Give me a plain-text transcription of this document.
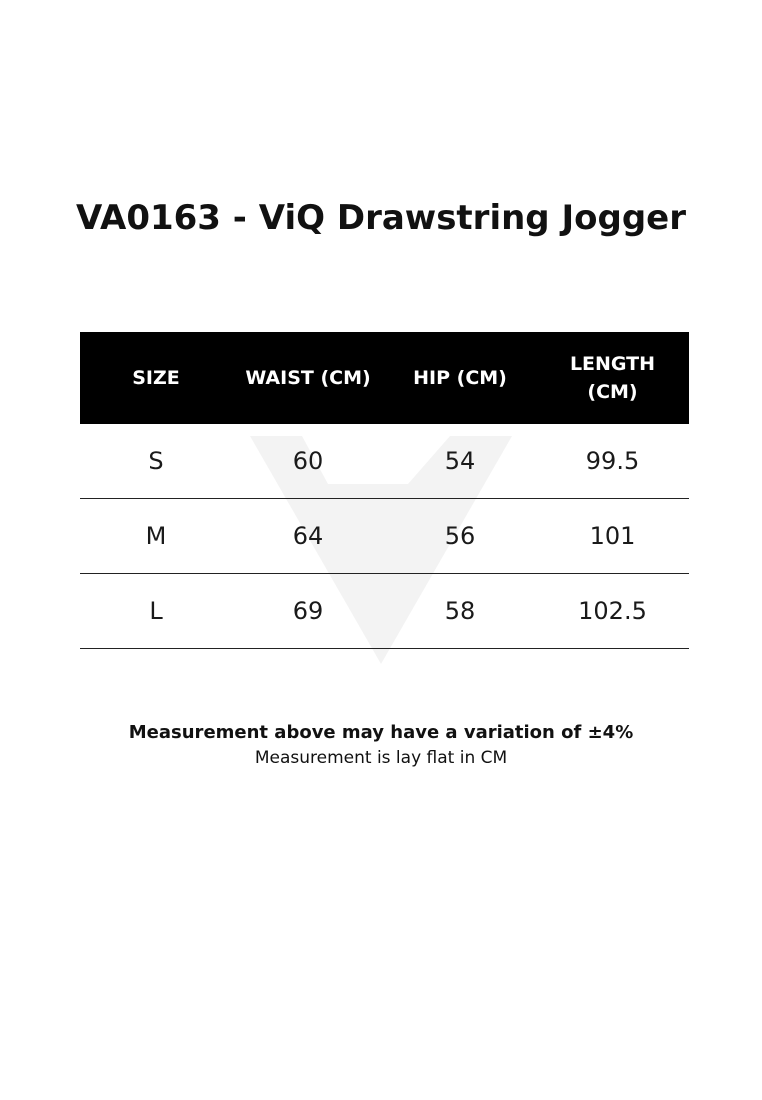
VA0163 - ViQ Drawstring Jogger
SIZE	WAIST (CM)	HIP (CM)	LENGTH
(CM)
S	60	54	99.5
M	64	56	101
L	69	58	102.5

Measurement above may have a variation of ±4%

Measurement is lay flat in CM
